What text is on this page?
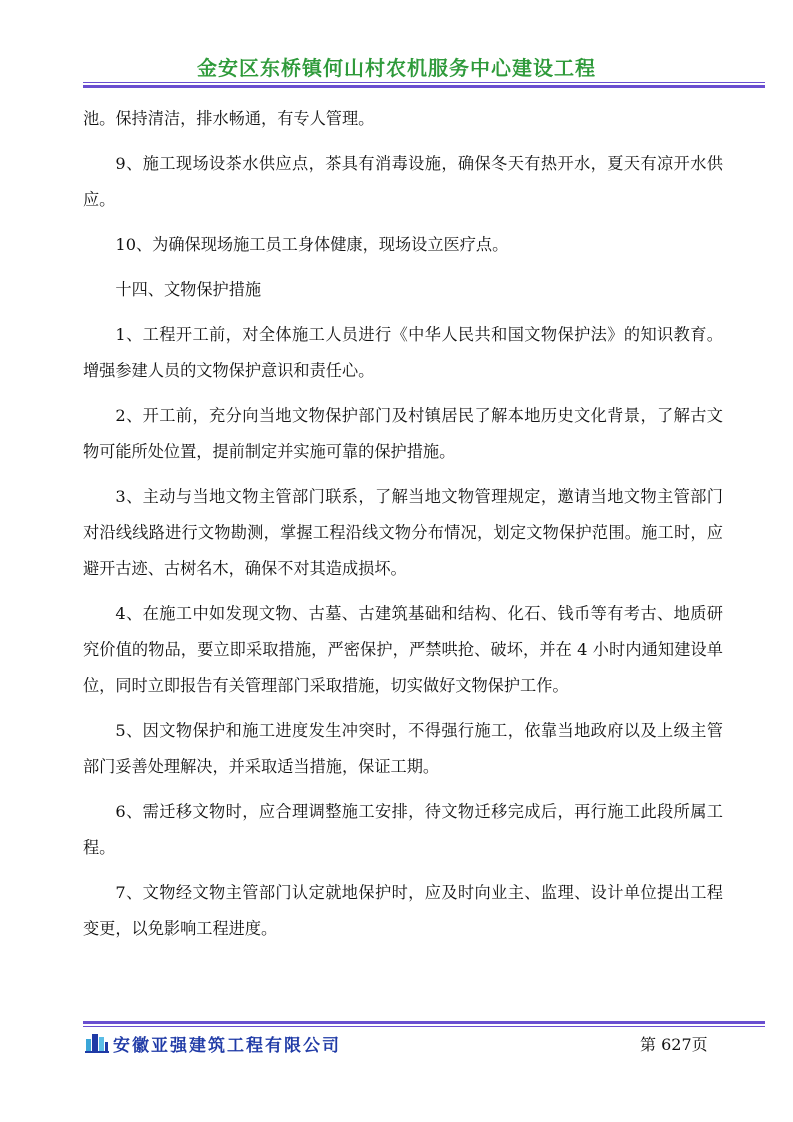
金安区东桥镇何山村农机服务中心建设工程

池。保持清洁，排水畅通，有专人管理。

9、施工现场设茶水供应点，茶具有消毒设施，确保冬天有热开水，夏天有凉开水供应。

10、为确保现场施工员工身体健康，现场设立医疗点。

十四、文物保护措施

1、工程开工前，对全体施工人员进行《中华人民共和国文物保护法》的知识教育。增强参建人员的文物保护意识和责任心。

2、开工前，充分向当地文物保护部门及村镇居民了解本地历史文化背景，了解古文物可能所处位置，提前制定并实施可靠的保护措施。

3、主动与当地文物主管部门联系，了解当地文物管理规定，邀请当地文物主管部门对沿线线路进行文物勘测，掌握工程沿线文物分布情况，划定文物保护范围。施工时，应避开古迹、古树名木，确保不对其造成损坏。

4、在施工中如发现文物、古墓、古建筑基础和结构、化石、钱币等有考古、地质研究价值的物品，要立即采取措施，严密保护，严禁哄抢、破坏，并在 4 小时内通知建设单位，同时立即报告有关管理部门采取措施，切实做好文物保护工作。

5、因文物保护和施工进度发生冲突时，不得强行施工，依靠当地政府以及上级主管部门妥善处理解决，并采取适当措施，保证工期。

6、需迁移文物时，应合理调整施工安排，待文物迁移完成后，再行施工此段所属工程。

7、文物经文物主管部门认定就地保护时，应及时向业主、监理、设计单位提出工程变更，以免影响工程进度。

安徽亚强建筑工程有限公司	第 627页
